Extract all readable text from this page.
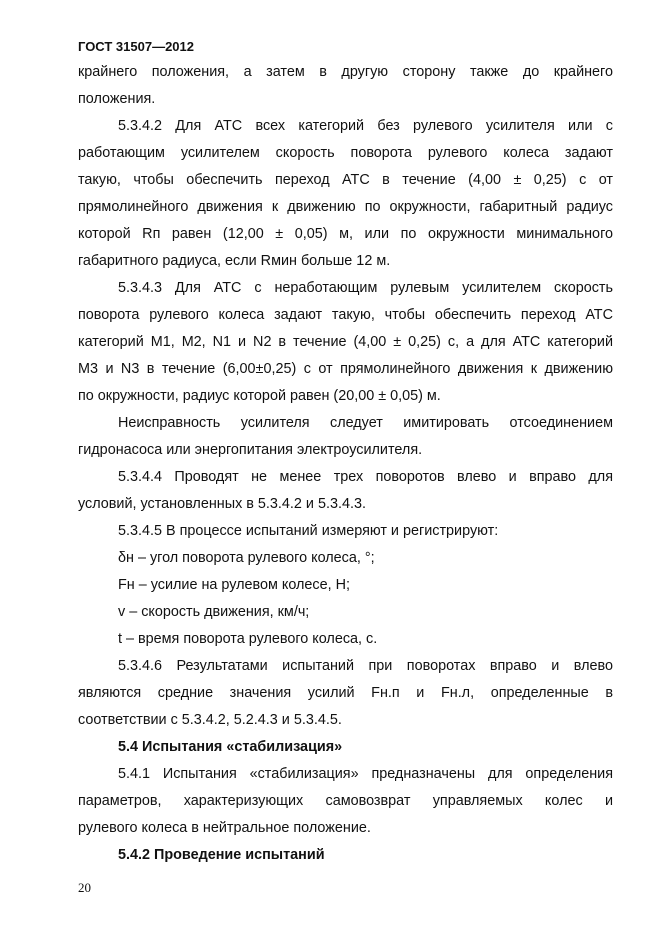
ГОСТ 31507—2012
крайнего положения, а затем в другую сторону также до крайнего
положения.
5.3.4.2 Для АТС всех категорий без рулевого усилителя или с
работающим усилителем скорость поворота рулевого колеса задают
такую, чтобы обеспечить переход АТС в течение (4,00 ± 0,25) с от
прямолинейного движения к движению по окружности, габаритный радиус
которой Rп равен (12,00 ± 0,05) м, или по окружности минимального
габаритного радиуса, если Rмин больше 12 м.
5.3.4.3 Для АТС с неработающим рулевым усилителем скорость
поворота рулевого колеса задают такую, чтобы обеспечить переход АТС
категорий M1, M2, N1 и N2 в течение (4,00 ± 0,25) с, а для АТС категорий
M3 и N3 в течение (6,00±0,25) с от прямолинейного движения к движению
по окружности, радиус которой равен (20,00 ± 0,05) м.
Неисправность усилителя следует имитировать отсоединением
гидронасоса или энергопитания электроусилителя.
5.3.4.4 Проводят не менее трех поворотов влево и вправо для
условий, установленных в 5.3.4.2 и 5.3.4.3.
5.3.4.5 В процессе испытаний измеряют и регистрируют:
δн – угол поворота рулевого колеса, °;
Fн – усилие на рулевом колесе, Н;
v – скорость движения, км/ч;
t – время поворота рулевого колеса, с.
5.3.4.6 Результатами испытаний при поворотах вправо и влево
являются средние значения усилий Fн.п и Fн.л, определенные в
соответствии с 5.3.4.2, 5.2.4.3 и 5.3.4.5.
5.4 Испытания «стабилизация»
5.4.1 Испытания «стабилизация» предназначены для определения
параметров, характеризующих самовозврат управляемых колес и
рулевого колеса в нейтральное положение.
5.4.2 Проведение испытаний
20
